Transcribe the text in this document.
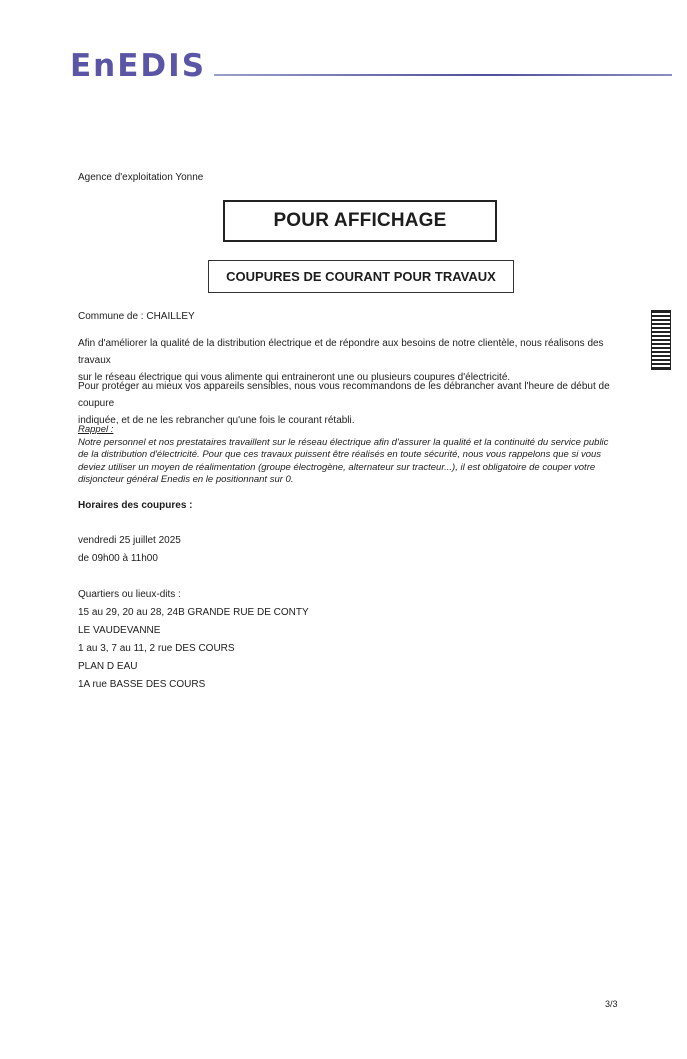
EnEDIS
Agence d'exploitation Yonne
POUR AFFICHAGE
COUPURES DE COURANT POUR TRAVAUX
Commune de : CHAILLEY
Afin d'améliorer la qualité de la distribution électrique et de répondre aux besoins de notre clientèle, nous réalisons des travaux
sur le réseau électrique qui vous alimente qui entraineront une ou plusieurs coupures d'électricité.
Pour protéger au mieux vos appareils sensibles, nous vous recommandons de les débrancher avant l'heure de début de coupure
indiquée, et de ne les rebrancher qu'une fois le courant rétabli.
Rappel :
Notre personnel et nos prestataires travaillent sur le réseau électrique afin d'assurer la qualité et la continuité du service public
de la distribution d'électricité. Pour que ces travaux puissent être réalisés en toute sécurité, nous vous rappelons que si vous
deviez utiliser un moyen de réalimentation (groupe électrogène, alternateur sur tracteur...), il est obligatoire de couper votre
disjoncteur général Enedis en le positionnant sur 0.
Horaires des coupures :
vendredi 25 juillet 2025
de 09h00 à 11h00
Quartiers ou lieux-dits :
15 au 29, 20 au 28, 24B GRANDE RUE DE CONTY
LE VAUDEVANNE
1 au 3, 7 au 11, 2 rue DES COURS
PLAN D EAU
1A rue BASSE DES COURS
3/3
